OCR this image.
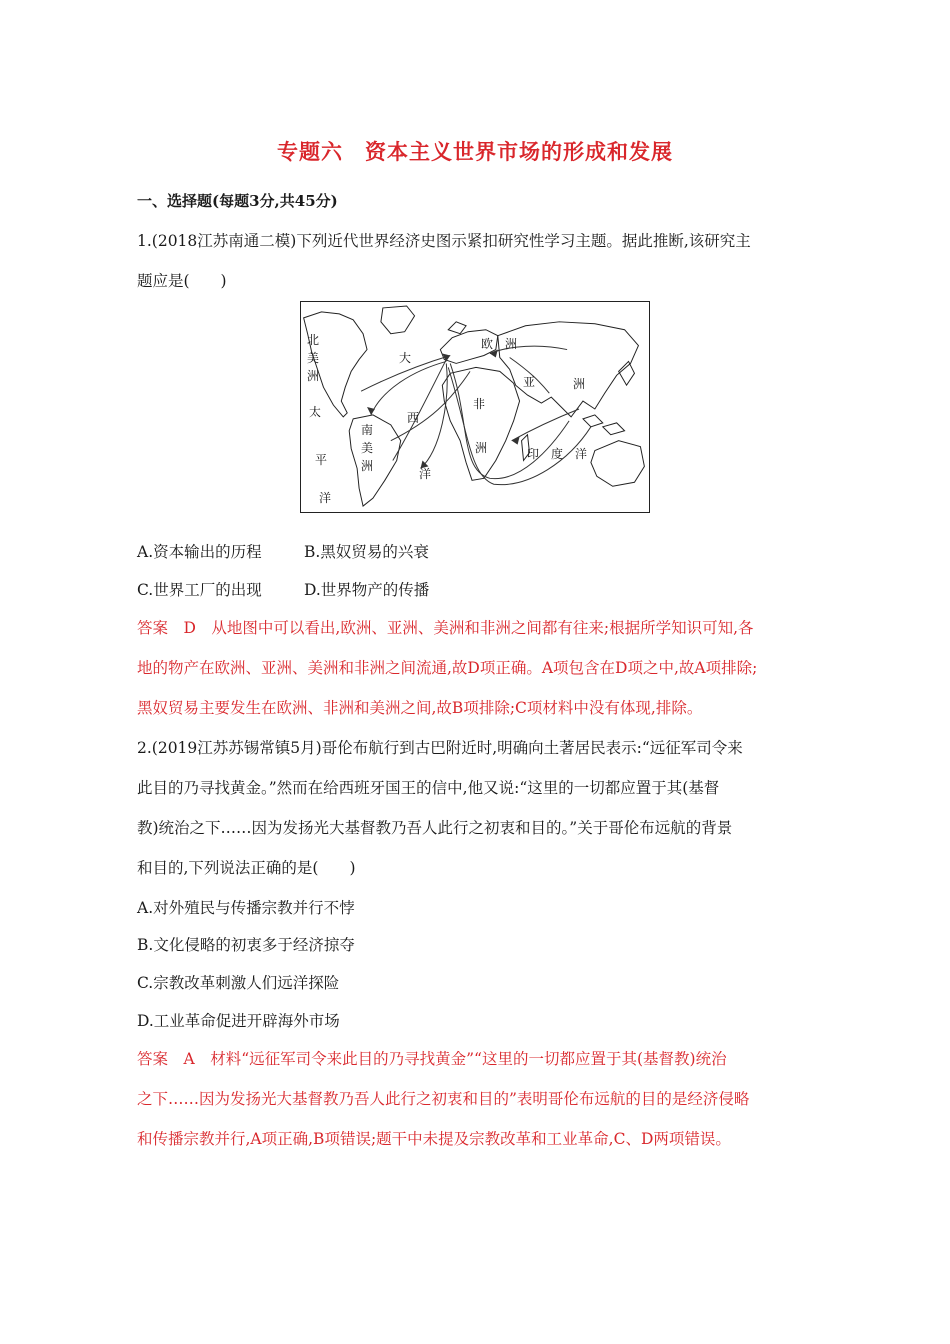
专题六　资本主义世界市场的形成和发展
一、选择题(每题3分,共45分)
1.(2018江苏南通二模)下列近代世界经济史图示紧扣研究性学习主题。据此推断,该研究主
题应是(　　)
北
美
洲
太
平
洋
大
西
洋
南
美
洲
欧　洲
亚	洲
非
洲	印　度　洋
A.资本输出的历程	B.黑奴贸易的兴衰
C.世界工厂的出现	D.世界物产的传播
答案　D　从地图中可以看出,欧洲、亚洲、美洲和非洲之间都有往来;根据所学知识可知,各
地的物产在欧洲、亚洲、美洲和非洲之间流通,故D项正确。A项包含在D项之中,故A项排除;
黑奴贸易主要发生在欧洲、非洲和美洲之间,故B项排除;C项材料中没有体现,排除。
2.(2019江苏苏锡常镇5月)哥伦布航行到古巴附近时,明确向土著居民表示:“远征军司令来
此目的乃寻找黄金。”然而在给西班牙国王的信中,他又说:“这里的一切都应置于其(基督
教)统治之下……因为发扬光大基督教乃吾人此行之初衷和目的。”关于哥伦布远航的背景
和目的,下列说法正确的是(　　)
A.对外殖民与传播宗教并行不悖
B.文化侵略的初衷多于经济掠夺
C.宗教改革刺激人们远洋探险
D.工业革命促进开辟海外市场
答案　A　材料“远征军司令来此目的乃寻找黄金”“这里的一切都应置于其(基督教)统治
之下……因为发扬光大基督教乃吾人此行之初衷和目的”表明哥伦布远航的目的是经济侵略
和传播宗教并行,A项正确,B项错误;题干中未提及宗教改革和工业革命,C、D两项错误。
